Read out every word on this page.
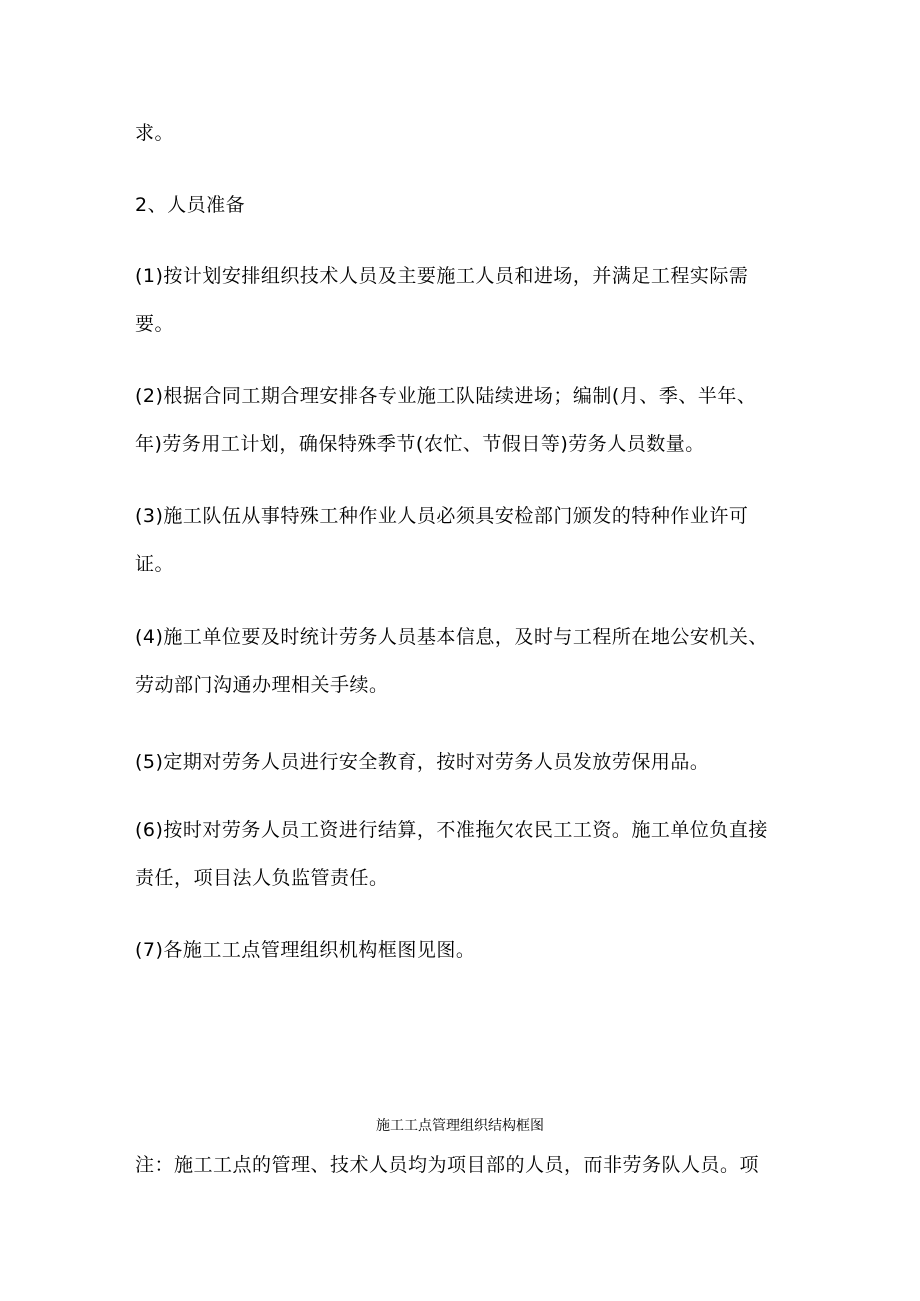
求。
2、人员准备
(1)按计划安排组织技术人员及主要施工人员和进场，并满足工程实际需
要。
(2)根据合同工期合理安排各专业施工队陆续进场；编制(月、季、半年、
年)劳务用工计划，确保特殊季节(农忙、节假日等)劳务人员数量。
(3)施工队伍从事特殊工种作业人员必须具安检部门颁发的特种作业许可
证。
(4)施工单位要及时统计劳务人员基本信息，及时与工程所在地公安机关、
劳动部门沟通办理相关手续。
(5)定期对劳务人员进行安全教育，按时对劳务人员发放劳保用品。
(6)按时对劳务人员工资进行结算，不准拖欠农民工工资。施工单位负直接
责任，项目法人负监管责任。
(7)各施工工点管理组织机构框图见图。
施工工点管理组织结构框图
注：施工工点的管理、技术人员均为项目部的人员，而非劳务队人员。项
